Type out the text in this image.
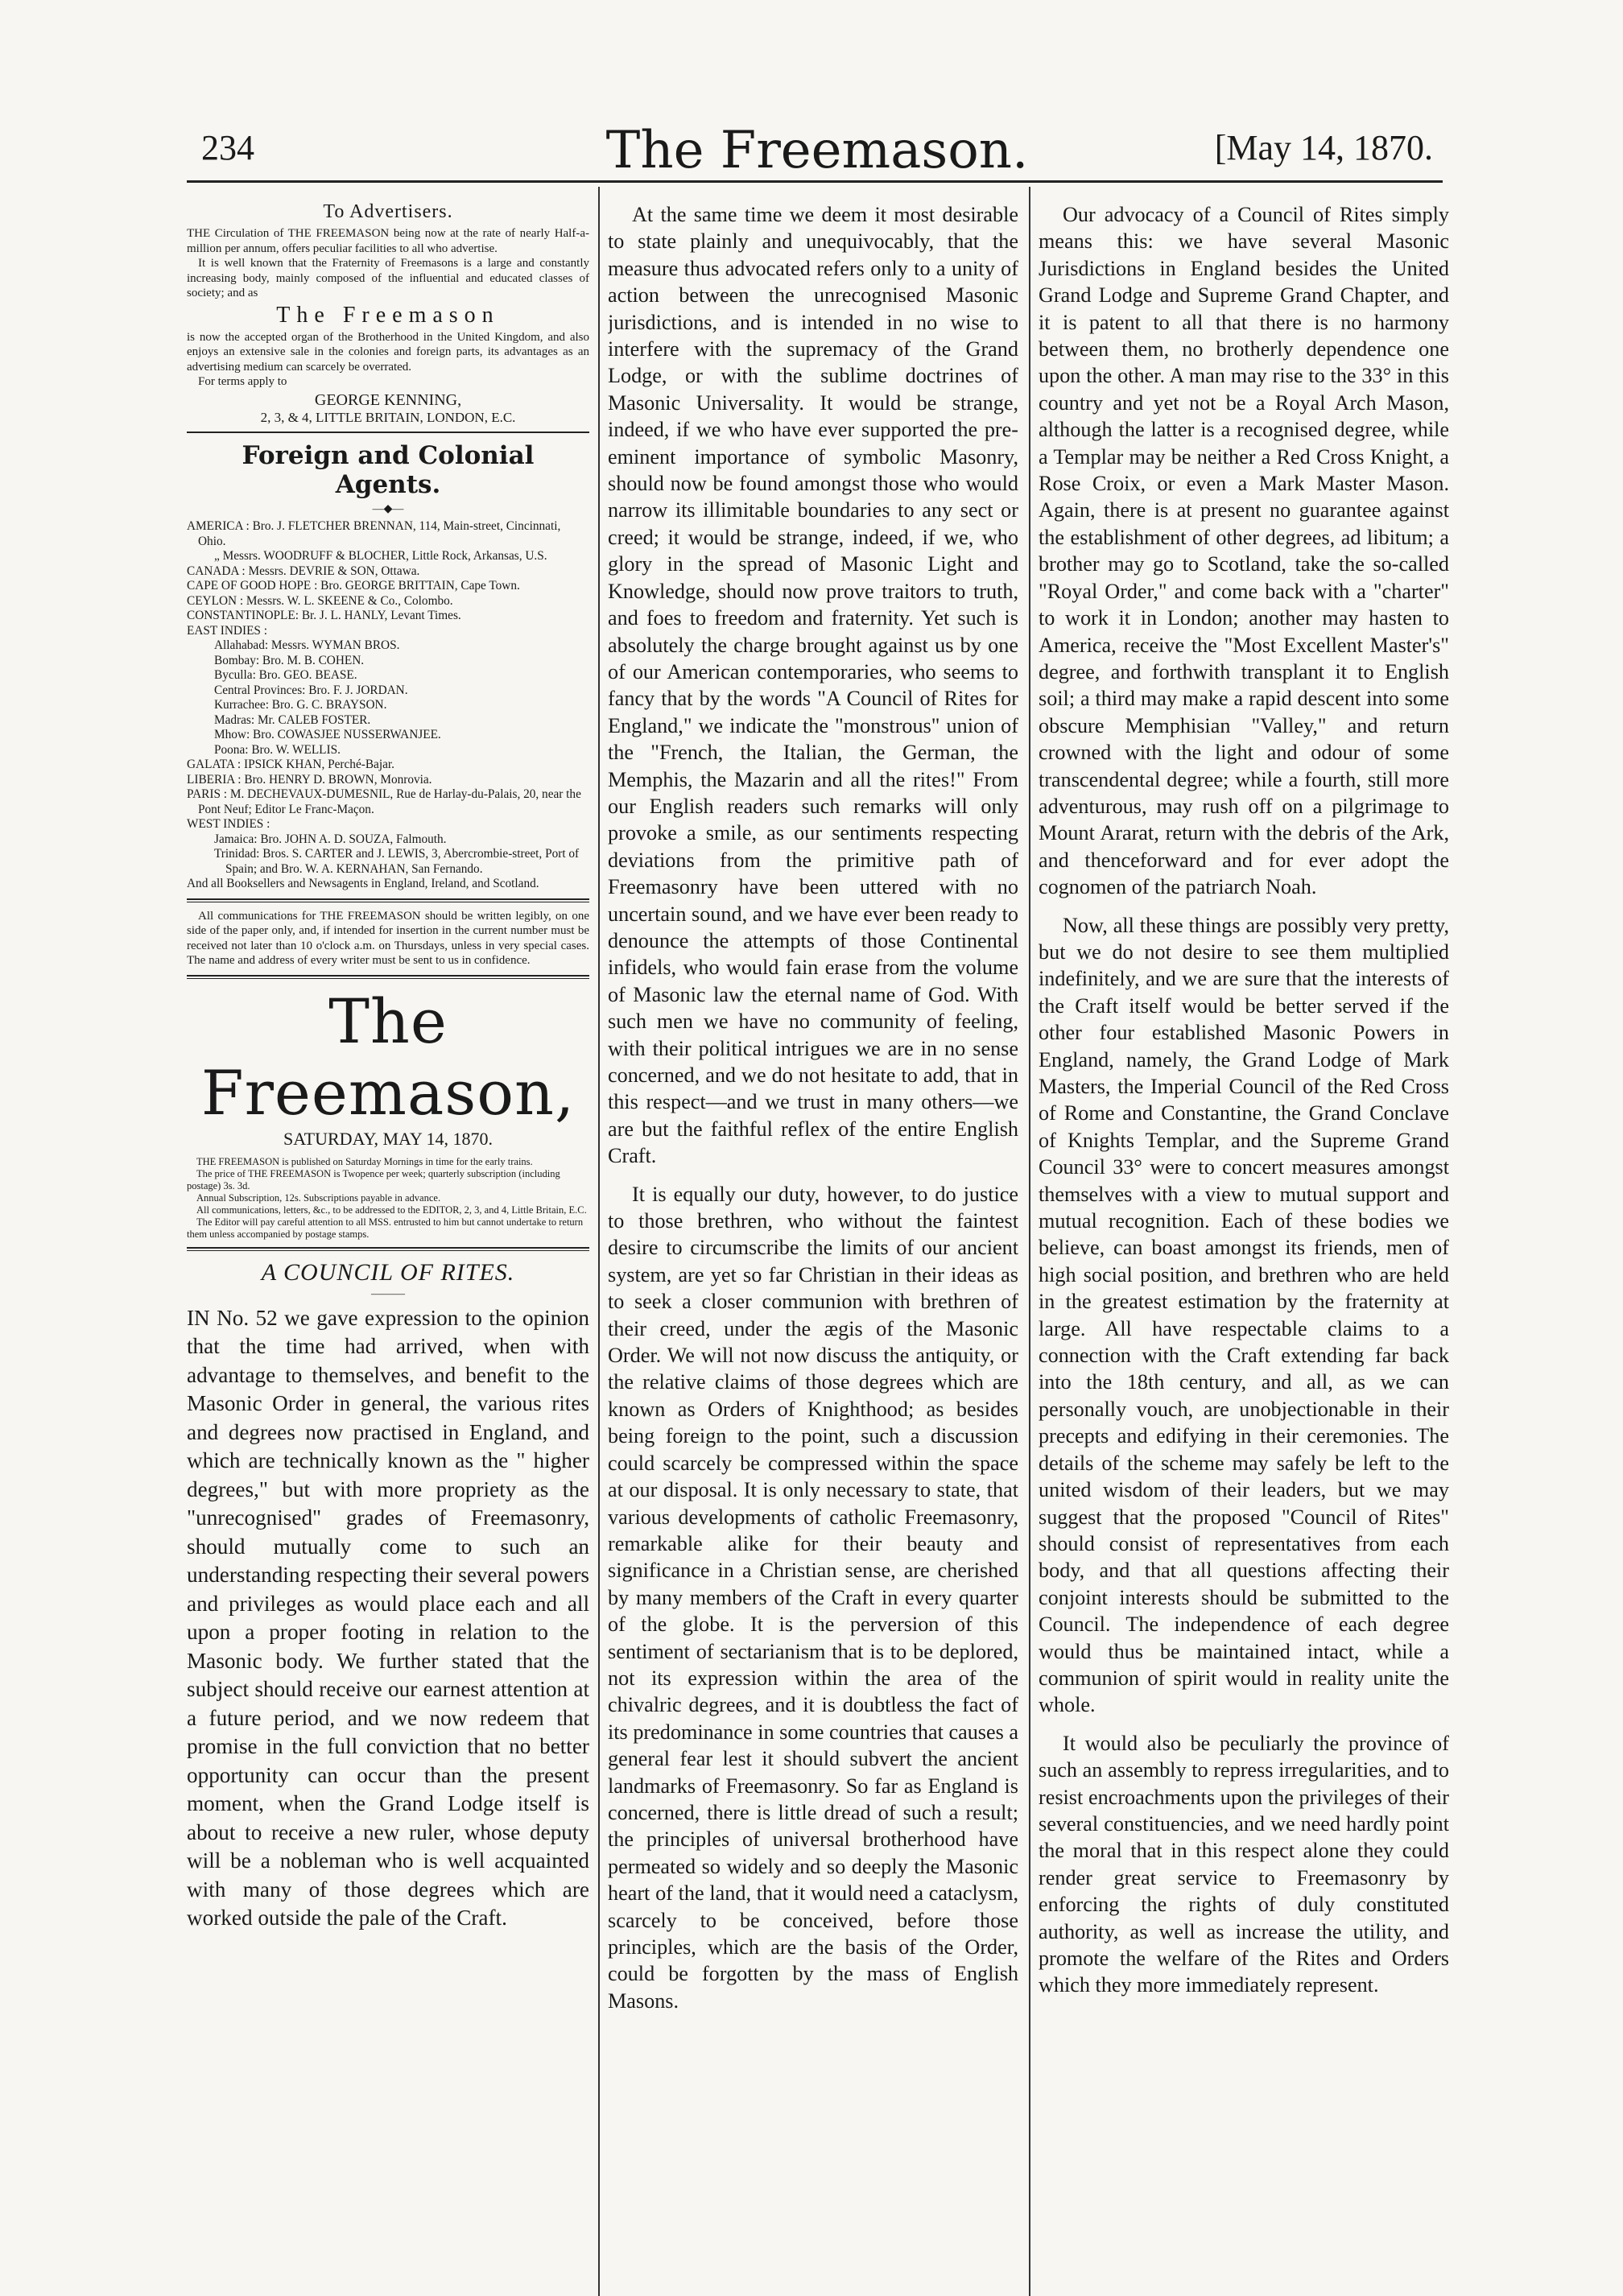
234	The Freemason.	[May 14, 1870.

To Advertisers.

THE Circulation of THE FREEMASON being now at the rate of nearly Half-a-million per annum, offers peculiar facilities to all who advertise.

It is well known that the Fraternity of Freemasons is a large and constantly increasing body, mainly composed of the influential and educated classes of society; and as

The Freemason

is now the accepted organ of the Brotherhood in the United Kingdom, and also enjoys an extensive sale in the colonies and foreign parts, its advantages as an advertising medium can scarcely be overrated.

For terms apply to

GEORGE KENNING,

2, 3, & 4, LITTLE BRITAIN, LONDON, E.C.

Foreign and Colonial Agents.

—◆—

AMERICA : Bro. J. FLETCHER BRENNAN, 114, Main-street, Cincinnati, Ohio.

„ Messrs. WOODRUFF & BLOCHER, Little Rock, Arkansas, U.S.

CANADA : Messrs. DEVRIE & SON, Ottawa.

CAPE OF GOOD HOPE : Bro. GEORGE BRITTAIN, Cape Town.

CEYLON : Messrs. W. L. SKEENE & Co., Colombo.

CONSTANTINOPLE: Br. J. L. HANLY, Levant Times.

EAST INDIES :

Allahabad: Messrs. WYMAN BROS.

Bombay: Bro. M. B. COHEN.

Byculla: Bro. GEO. BEASE.

Central Provinces: Bro. F. J. JORDAN.

Kurrachee: Bro. G. C. BRAYSON.

Madras: Mr. CALEB FOSTER.

Mhow: Bro. COWASJEE NUSSERWANJEE.

Poona: Bro. W. WELLIS.

GALATA : IPSICK KHAN, Perché-Bajar.

LIBERIA : Bro. HENRY D. BROWN, Monrovia.

PARIS : M. DECHEVAUX-DUMESNIL, Rue de Harlay-du-Palais, 20, near the Pont Neuf; Editor Le Franc-Maçon.

WEST INDIES :

Jamaica: Bro. JOHN A. D. SOUZA, Falmouth.

Trinidad: Bros. S. CARTER and J. LEWIS, 3, Abercrombie-street, Port of Spain; and Bro. W. A. KERNAHAN, San Fernando.

And all Booksellers and Newsagents in England, Ireland, and Scotland.

All communications for THE FREEMASON should be written legibly, on one side of the paper only, and, if intended for insertion in the current number must be received not later than 10 o'clock a.m. on Thursdays, unless in very special cases. The name and address of every writer must be sent to us in confidence.

The Freemason,

SATURDAY, MAY 14, 1870.

THE FREEMASON is published on Saturday Mornings in time for the early trains.

The price of THE FREEMASON is Twopence per week; quarterly subscription (including postage) 3s. 3d.

Annual Subscription, 12s. Subscriptions payable in advance.

All communications, letters, &c., to be addressed to the EDITOR, 2, 3, and 4, Little Britain, E.C.

The Editor will pay careful attention to all MSS. entrusted to him but cannot undertake to return them unless accompanied by postage stamps.

A COUNCIL OF RITES.

———

IN No. 52 we gave expression to the opinion that the time had arrived, when with advantage to themselves, and benefit to the Masonic Order in general, the various rites and degrees now practised in England, and which are technically known as the " higher degrees," but with more propriety as the "unrecognised" grades of Freemasonry, should mutually come to such an understanding respecting their several powers and privileges as would place each and all upon a proper footing in relation to the Masonic body. We further stated that the subject should receive our earnest attention at a future period, and we now redeem that promise in the full conviction that no better opportunity can occur than the present moment, when the Grand Lodge itself is about to receive a new ruler, whose deputy will be a nobleman who is well acquainted with many of those degrees which are worked outside the pale of the Craft.

At the same time we deem it most desirable to state plainly and unequivocably, that the measure thus advocated refers only to a unity of action between the unrecognised Masonic jurisdictions, and is intended in no wise to interfere with the supremacy of the Grand Lodge, or with the sublime doctrines of Masonic Universality. It would be strange, indeed, if we who have ever supported the pre-eminent importance of symbolic Masonry, should now be found amongst those who would narrow its illimitable boundaries to any sect or creed; it would be strange, indeed, if we, who glory in the spread of Masonic Light and Knowledge, should now prove traitors to truth, and foes to freedom and fraternity. Yet such is absolutely the charge brought against us by one of our American contemporaries, who seems to fancy that by the words "A Council of Rites for England," we indicate the "monstrous" union of the "French, the Italian, the German, the Memphis, the Mazarin and all the rites!" From our English readers such remarks will only provoke a smile, as our sentiments respecting deviations from the primitive path of Freemasonry have been uttered with no uncertain sound, and we have ever been ready to denounce the attempts of those Continental infidels, who would fain erase from the volume of Masonic law the eternal name of God. With such men we have no community of feeling, with their political intrigues we are in no sense concerned, and we do not hesitate to add, that in this respect—and we trust in many others—we are but the faithful reflex of the entire English Craft.

It is equally our duty, however, to do justice to those brethren, who without the faintest desire to circumscribe the limits of our ancient system, are yet so far Christian in their ideas as to seek a closer communion with brethren of their creed, under the ægis of the Masonic Order. We will not now discuss the antiquity, or the relative claims of those degrees which are known as Orders of Knighthood; as besides being foreign to the point, such a discussion could scarcely be compressed within the space at our disposal. It is only necessary to state, that various developments of catholic Freemasonry, remarkable alike for their beauty and significance in a Christian sense, are cherished by many members of the Craft in every quarter of the globe. It is the perversion of this sentiment of sectarianism that is to be deplored, not its expression within the area of the chivalric degrees, and it is doubtless the fact of its predominance in some countries that causes a general fear lest it should subvert the ancient landmarks of Freemasonry. So far as England is concerned, there is little dread of such a result; the principles of universal brotherhood have permeated so widely and so deeply the Masonic heart of the land, that it would need a cataclysm, scarcely to be conceived, before those principles, which are the basis of the Order, could be forgotten by the mass of English Masons.

Our advocacy of a Council of Rites simply means this: we have several Masonic Jurisdictions in England besides the United Grand Lodge and Supreme Grand Chapter, and it is patent to all that there is no harmony between them, no brotherly dependence one upon the other. A man may rise to the 33° in this country and yet not be a Royal Arch Mason, although the latter is a recognised degree, while a Templar may be neither a Red Cross Knight, a Rose Croix, or even a Mark Master Mason. Again, there is at present no guarantee against the establishment of other degrees, ad libitum; a brother may go to Scotland, take the so-called "Royal Order," and come back with a "charter" to work it in London; another may hasten to America, receive the "Most Excellent Master's" degree, and forthwith transplant it to English soil; a third may make a rapid descent into some obscure Memphisian "Valley," and return crowned with the light and odour of some transcendental degree; while a fourth, still more adventurous, may rush off on a pilgrimage to Mount Ararat, return with the debris of the Ark, and thenceforward and for ever adopt the cognomen of the patriarch Noah.

Now, all these things are possibly very pretty, but we do not desire to see them multiplied indefinitely, and we are sure that the interests of the Craft itself would be better served if the other four established Masonic Powers in England, namely, the Grand Lodge of Mark Masters, the Imperial Council of the Red Cross of Rome and Constantine, the Grand Conclave of Knights Templar, and the Supreme Grand Council 33° were to concert measures amongst themselves with a view to mutual support and mutual recognition. Each of these bodies we believe, can boast amongst its friends, men of high social position, and brethren who are held in the greatest estimation by the fraternity at large. All have respectable claims to a connection with the Craft extending far back into the 18th century, and all, as we can personally vouch, are unobjectionable in their precepts and edifying in their ceremonies. The details of the scheme may safely be left to the united wisdom of their leaders, but we may suggest that the proposed "Council of Rites" should consist of representatives from each body, and that all questions affecting their conjoint interests should be submitted to the Council. The independence of each degree would thus be maintained intact, while a communion of spirit would in reality unite the whole.

It would also be peculiarly the province of such an assembly to repress irregularities, and to resist encroachments upon the privileges of their several constituencies, and we need hardly point the moral that in this respect alone they could render great service to Freemasonry by enforcing the rights of duly constituted authority, as well as increase the utility, and promote the welfare of the Rites and Orders which they more immediately represent.
